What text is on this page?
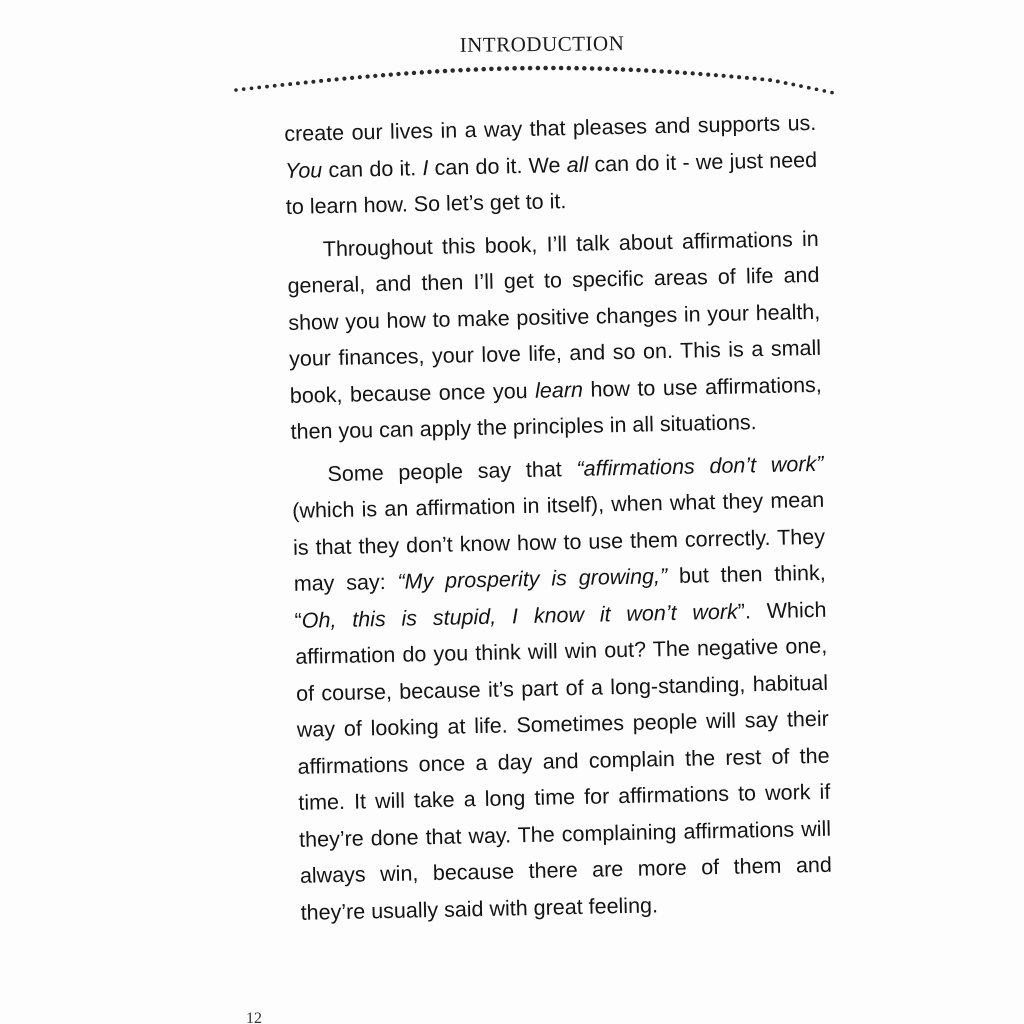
INTRODUCTION

create our lives in a way that pleases and supports us. You can do it. I can do it. We all can do it - we just need to learn how. So let’s get to it.

Throughout this book, I’ll talk about affirmations in general, and then I’ll get to specific areas of life and show you how to make positive changes in your health, your finances, your love life, and so on. This is a small book, because once you learn how to use affirmations, then you can apply the principles in all situations.

Some people say that “affirmations don’t work” (which is an affirmation in itself), when what they mean is that they don’t know how to use them correctly. They may say: “My prosperity is growing,” but then think, “Oh, this is stupid, I know it won’t work”. Which affirmation do you think will win out? The negative one, of course, because it’s part of a long-standing, habitual way of looking at life. Sometimes people will say their affirmations once a day and complain the rest of the time. It will take a long time for affirmations to work if they’re done that way. The complaining affirmations will always win, because there are more of them and they’re usually said with great feeling.

12
